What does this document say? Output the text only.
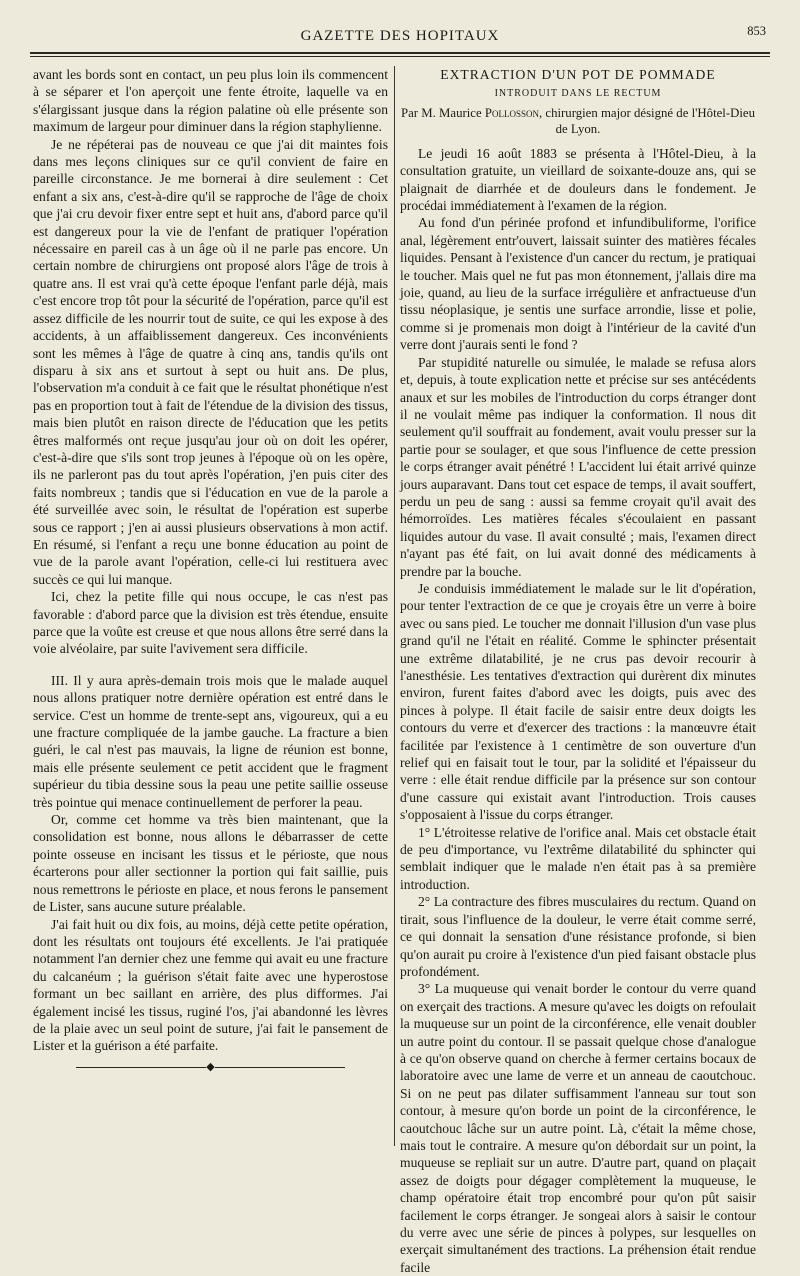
GAZETTE DES HOPITAUX	853

avant les bords sont en contact, un peu plus loin ils commencent à se séparer et l'on aperçoit une fente étroite, laquelle va en s'élargissant jusque dans la région palatine où elle présente son maximum de largeur pour diminuer dans la région staphylienne.

Je ne répéterai pas de nouveau ce que j'ai dit maintes fois dans mes leçons cliniques sur ce qu'il convient de faire en pareille circonstance. Je me bornerai à dire seulement : Cet enfant a six ans, c'est-à-dire qu'il se rapproche de l'âge de choix que j'ai cru devoir fixer entre sept et huit ans, d'abord parce qu'il est dangereux pour la vie de l'enfant de pratiquer l'opération nécessaire en pareil cas à un âge où il ne parle pas encore. Un certain nombre de chirurgiens ont proposé alors l'âge de trois à quatre ans. Il est vrai qu'à cette époque l'enfant parle déjà, mais c'est encore trop tôt pour la sécurité de l'opération, parce qu'il est assez difficile de les nourrir tout de suite, ce qui les expose à des accidents, à un affaiblissement dangereux. Ces inconvénients sont les mêmes à l'âge de quatre à cinq ans, tandis qu'ils ont disparu à six ans et surtout à sept ou huit ans. De plus, l'observation m'a conduit à ce fait que le résultat phonétique n'est pas en proportion tout à fait de l'étendue de la division des tissus, mais bien plutôt en raison directe de l'éducation que les petits êtres malformés ont reçue jusqu'au jour où on doit les opérer, c'est-à-dire que s'ils sont trop jeunes à l'époque où on les opère, ils ne parleront pas du tout après l'opération, j'en puis citer des faits nombreux ; tandis que si l'éducation en vue de la parole a été surveillée avec soin, le résultat de l'opération est superbe sous ce rapport ; j'en ai aussi plusieurs observations à mon actif. En résumé, si l'enfant a reçu une bonne éducation au point de vue de la parole avant l'opération, celle-ci lui restituera avec succès ce qui lui manque.

Ici, chez la petite fille qui nous occupe, le cas n'est pas favorable : d'abord parce que la division est très étendue, ensuite parce que la voûte est creuse et que nous allons être serré dans la voie alvéolaire, par suite l'avivement sera difficile.

III. Il y aura après-demain trois mois que le malade auquel nous allons pratiquer notre dernière opération est entré dans le service. C'est un homme de trente-sept ans, vigoureux, qui a eu une fracture compliquée de la jambe gauche. La fracture a bien guéri, le cal n'est pas mauvais, la ligne de réunion est bonne, mais elle présente seulement ce petit accident que le fragment supérieur du tibia dessine sous la peau une petite saillie osseuse très pointue qui menace continuellement de perforer la peau.

Or, comme cet homme va très bien maintenant, que la consolidation est bonne, nous allons le débarrasser de cette pointe osseuse en incisant les tissus et le périoste, que nous écarterons pour aller sectionner la portion qui fait saillie, puis nous remettrons le périoste en place, et nous ferons le pansement de Lister, sans aucune suture préalable.

J'ai fait huit ou dix fois, au moins, déjà cette petite opération, dont les résultats ont toujours été excellents. Je l'ai pratiquée notamment l'an dernier chez une femme qui avait eu une fracture du calcanéum ; la guérison s'était faite avec une hyperostose formant un bec saillant en arrière, des plus difformes. J'ai également incisé les tissus, ruginé l'os, j'ai abandonné les lèvres de la plaie avec un seul point de suture, j'ai fait le pansement de Lister et la guérison a été parfaite.

◆
EXTRACTION D'UN POT DE POMMADE
INTRODUIT DANS LE RECTUM
Par M. Maurice Pollosson, chirurgien major désigné de l'Hôtel-Dieu de Lyon.

Le jeudi 16 août 1883 se présenta à l'Hôtel-Dieu, à la consultation gratuite, un vieillard de soixante-douze ans, qui se plaignait de diarrhée et de douleurs dans le fondement. Je procédai immédiatement à l'examen de la région.

Au fond d'un périnée profond et infundibuliforme, l'orifice anal, légèrement entr'ouvert, laissait suinter des matières fécales liquides. Pensant à l'existence d'un cancer du rectum, je pratiquai le toucher. Mais quel ne fut pas mon étonnement, j'allais dire ma joie, quand, au lieu de la surface irrégulière et anfractueuse d'un tissu néoplasique, je sentis une surface arrondie, lisse et polie, comme si je promenais mon doigt à l'intérieur de la cavité d'un verre dont j'aurais senti le fond ?

Par stupidité naturelle ou simulée, le malade se refusa alors et, depuis, à toute explication nette et précise sur ses antécédents anaux et sur les mobiles de l'introduction du corps étranger dont il ne voulait même pas indiquer la conformation. Il nous dit seulement qu'il souffrait au fondement, avait voulu presser sur la partie pour se soulager, et que sous l'influence de cette pression le corps étranger avait pénétré ! L'accident lui était arrivé quinze jours auparavant. Dans tout cet espace de temps, il avait souffert, perdu un peu de sang : aussi sa femme croyait qu'il avait des hémorroïdes. Les matières fécales s'écoulaient en passant liquides autour du vase. Il avait consulté ; mais, l'examen direct n'ayant pas été fait, on lui avait donné des médicaments à prendre par la bouche.

Je conduisis immédiatement le malade sur le lit d'opération, pour tenter l'extraction de ce que je croyais être un verre à boire avec ou sans pied. Le toucher me donnait l'illusion d'un vase plus grand qu'il ne l'était en réalité. Comme le sphincter présentait une extrême dilatabilité, je ne crus pas devoir recourir à l'anesthésie. Les tentatives d'extraction qui durèrent dix minutes environ, furent faites d'abord avec les doigts, puis avec des pinces à polype. Il était facile de saisir entre deux doigts les contours du verre et d'exercer des tractions : la manœuvre était facilitée par l'existence à 1 centimètre de son ouverture d'un relief qui en faisait tout le tour, par la solidité et l'épaisseur du verre : elle était rendue difficile par la présence sur son contour d'une cassure qui existait avant l'introduction. Trois causes s'opposaient à l'issue du corps étranger.

1° L'étroitesse relative de l'orifice anal. Mais cet obstacle était de peu d'importance, vu l'extrême dilatabilité du sphincter qui semblait indiquer que le malade n'en était pas à sa première introduction.

2° La contracture des fibres musculaires du rectum. Quand on tirait, sous l'influence de la douleur, le verre était comme serré, ce qui donnait la sensation d'une résistance profonde, si bien qu'on aurait pu croire à l'existence d'un pied faisant obstacle plus profondément.

3° La muqueuse qui venait border le contour du verre quand on exerçait des tractions. A mesure qu'avec les doigts on refoulait la muqueuse sur un point de la circonférence, elle venait doubler un autre point du contour. Il se passait quelque chose d'analogue à ce qu'on observe quand on cherche à fermer certains bocaux de laboratoire avec une lame de verre et un anneau de caoutchouc. Si on ne peut pas dilater suffisamment l'anneau sur tout son contour, à mesure qu'on borde un point de la circonférence, le caoutchouc lâche sur un autre point. Là, c'était la même chose, mais tout le contraire. A mesure qu'on débordait sur un point, la muqueuse se repliait sur un autre. D'autre part, quand on plaçait assez de doigts pour dégager complètement la muqueuse, le champ opératoire était trop encombré pour qu'on pût saisir facilement le corps étranger. Je songeai alors à saisir le contour du verre avec une série de pinces à polypes, sur lesquelles on exerçait simultanément des tractions. La préhension était rendue facile
